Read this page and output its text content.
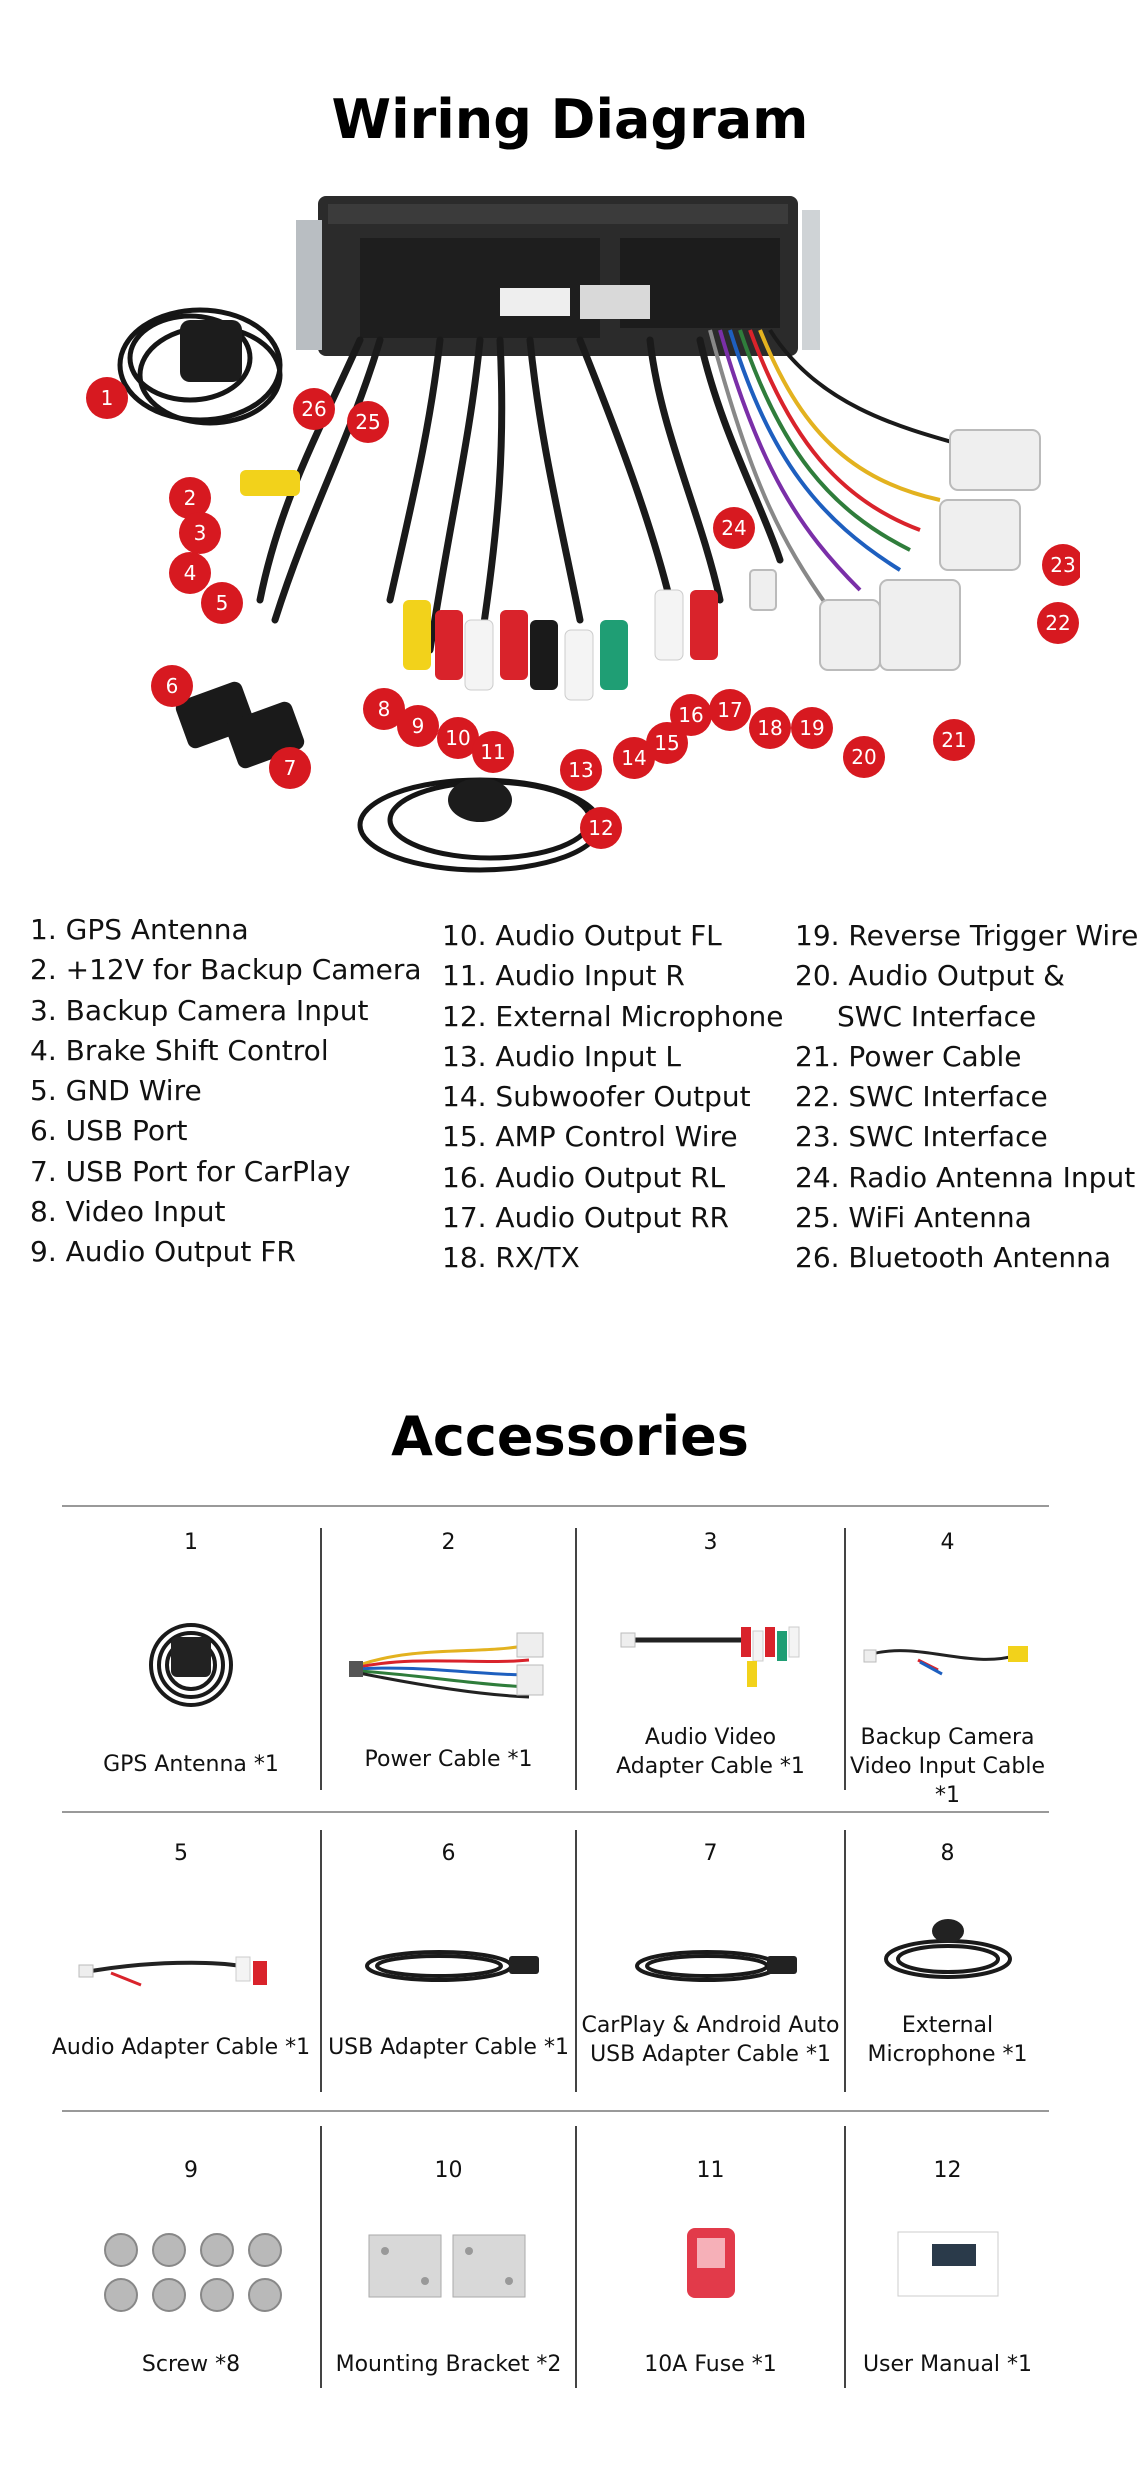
Wiring Diagram
1
2
3
4
5
6
7
8
9 10
11
12
13 14
15
16 17
18 19
20
21
22
23
24
25
26
1. GPS Antenna
2. +12V for Backup Camera
3. Backup Camera Input
4. Brake Shift Control
5. GND Wire
6. USB Port
7. USB Port for CarPlay
8. Video Input
9. Audio Output FR
10. Audio Output FL
11. Audio Input R
12. External Microphone
13. Audio Input L
14. Subwoofer Output
15. AMP Control Wire
16. Audio Output RL
17. Audio Output RR
18. RX/TX
19. Reverse Trigger Wire
20. Audio Output &
SWC Interface
21. Power Cable
22. SWC Interface
23. SWC Interface
24. Radio Antenna Input
25. WiFi Antenna
26. Bluetooth Antenna
Accessories
1
GPS Antenna *1
2
Power Cable *1
3
Audio Video
Adapter Cable *1
4
Backup Camera
Video Input Cable *1
5
Audio Adapter Cable *1
6
USB Adapter Cable *1
7
CarPlay & Android Auto
USB Adapter Cable *1
8
External
Microphone *1
9
Screw *8
10
Mounting Bracket *2
11
10A Fuse *1
12
User Manual *1
